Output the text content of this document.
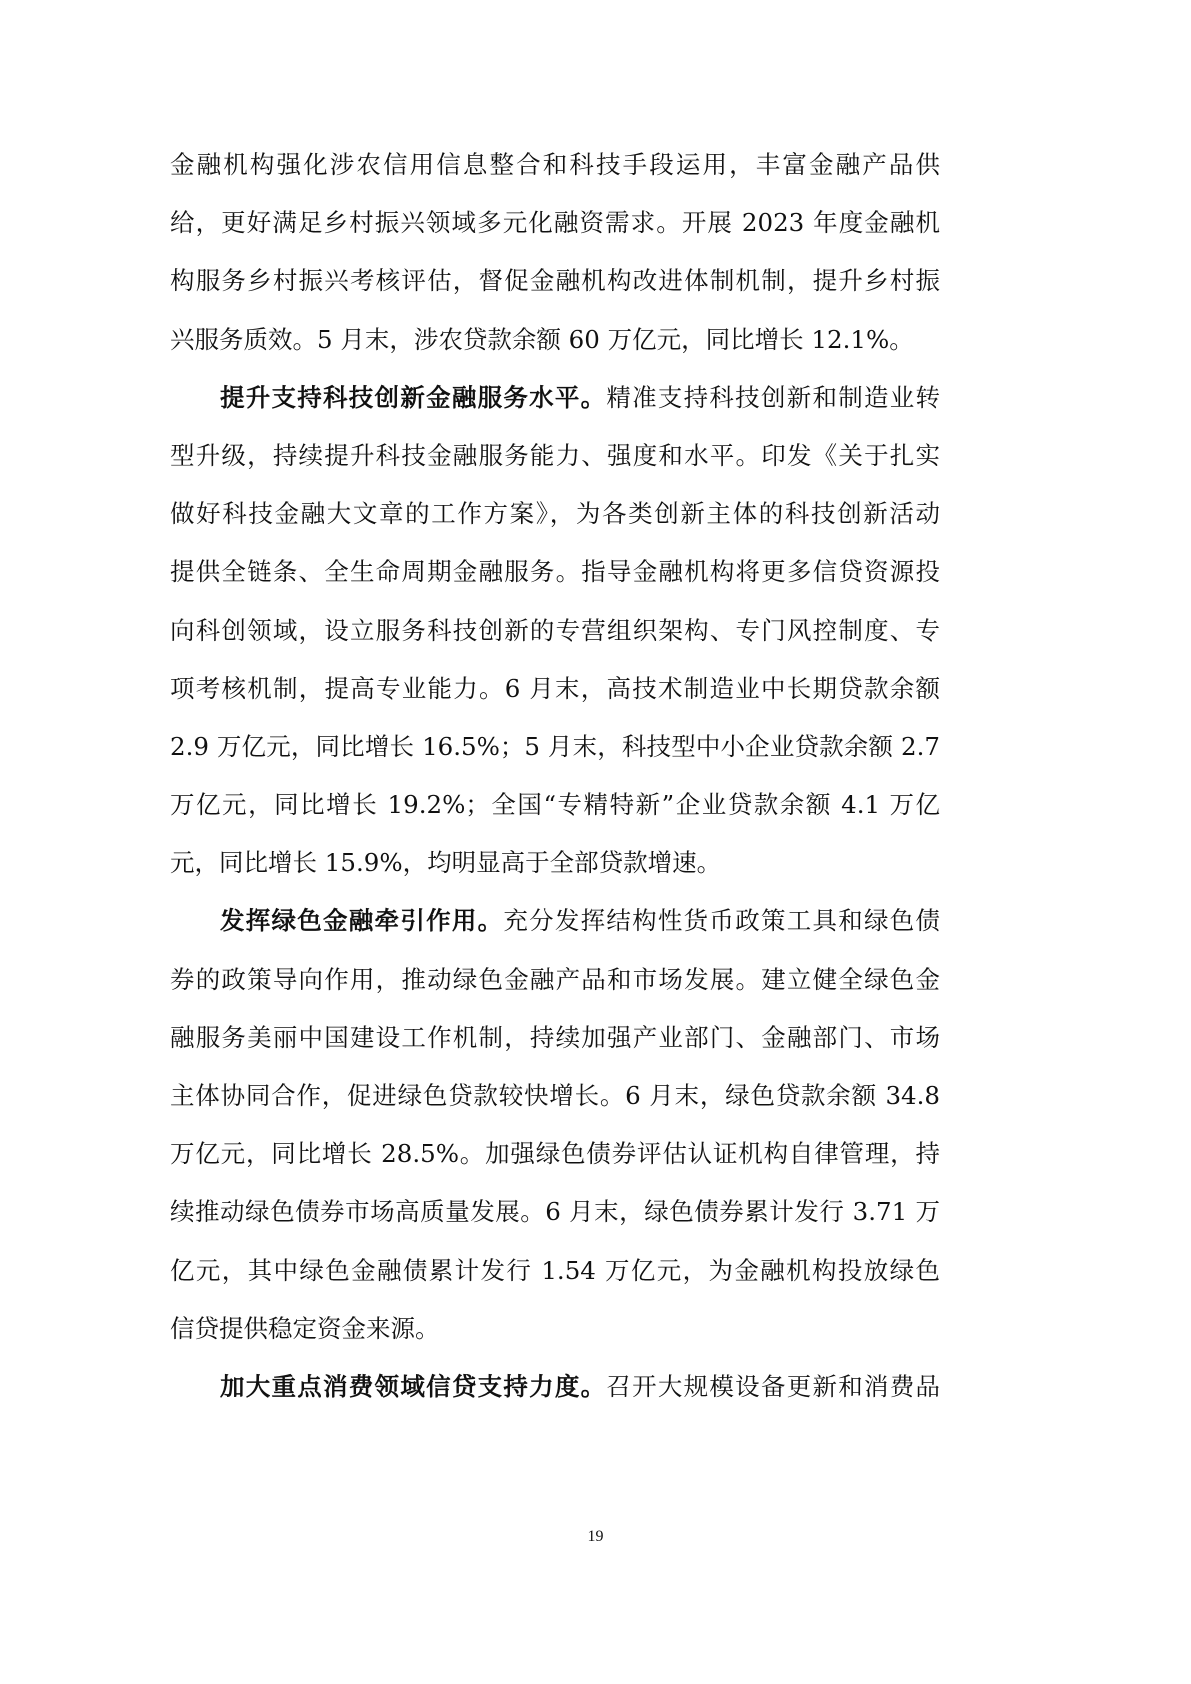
金融机构强化涉农信用信息整合和科技手段运用，丰富金融产品供
给，更好满足乡村振兴领域多元化融资需求。开展 2023 年度金融机
构服务乡村振兴考核评估，督促金融机构改进体制机制，提升乡村振
兴服务质效。5 月末，涉农贷款余额 60 万亿元，同比增长 12.1%。
提升支持科技创新金融服务水平。精准支持科技创新和制造业转
型升级，持续提升科技金融服务能力、强度和水平。印发《关于扎实
做好科技金融大文章的工作方案》，为各类创新主体的科技创新活动
提供全链条、全生命周期金融服务。指导金融机构将更多信贷资源投
向科创领域，设立服务科技创新的专营组织架构、专门风控制度、专
项考核机制，提高专业能力。6 月末，高技术制造业中长期贷款余额
2.9 万亿元，同比增长 16.5%；5 月末，科技型中小企业贷款余额 2.7
万亿元，同比增长 19.2%；全国“专精特新”企业贷款余额 4.1 万亿
元，同比增长 15.9%，均明显高于全部贷款增速。
发挥绿色金融牵引作用。充分发挥结构性货币政策工具和绿色债
券的政策导向作用，推动绿色金融产品和市场发展。建立健全绿色金
融服务美丽中国建设工作机制，持续加强产业部门、金融部门、市场
主体协同合作，促进绿色贷款较快增长。6 月末，绿色贷款余额 34.8
万亿元，同比增长 28.5%。加强绿色债券评估认证机构自律管理，持
续推动绿色债券市场高质量发展。6 月末，绿色债券累计发行 3.71 万
亿元，其中绿色金融债累计发行 1.54 万亿元，为金融机构投放绿色
信贷提供稳定资金来源。
加大重点消费领域信贷支持力度。召开大规模设备更新和消费品
19
